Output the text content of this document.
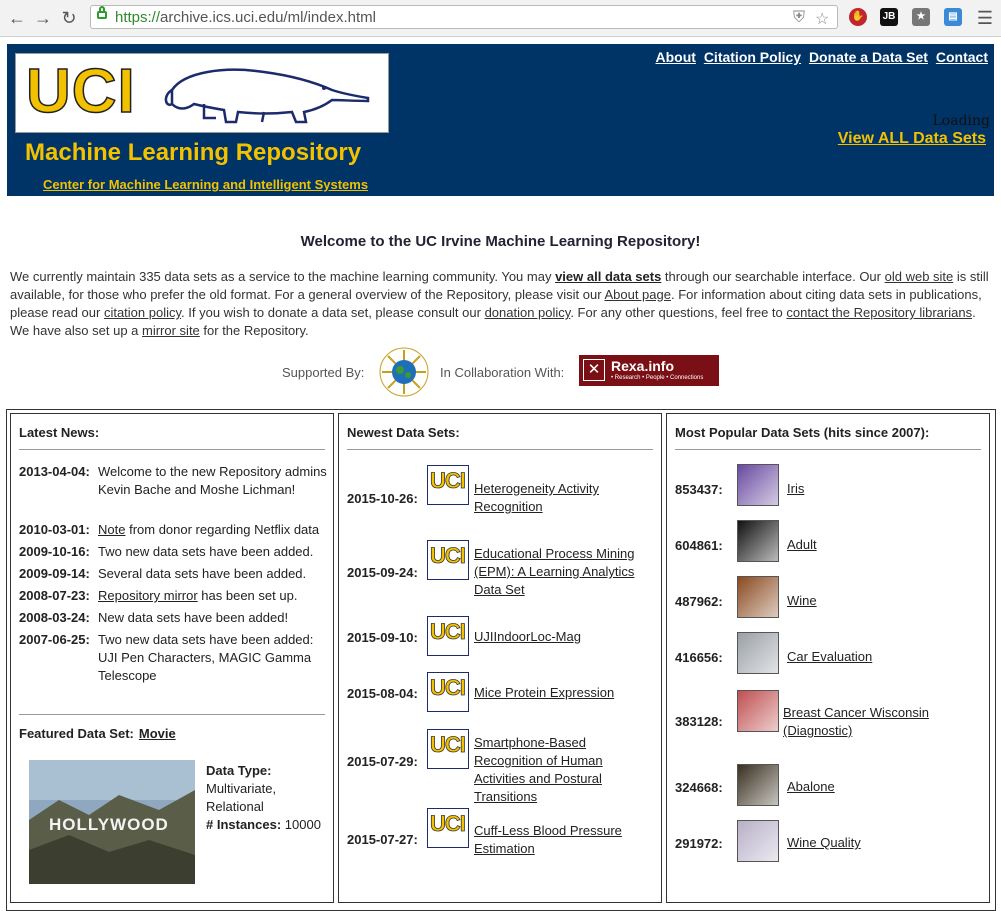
← → ↻	https://archive.ics.uci.edu/ml/index.html	⛨ ☆ ✋ JB	★	▤ ☰
UCI
Machine Learning Repository
Center for Machine Learning and Intelligent Systems
About Citation Policy Donate a Data Set Contact
Loading
View ALL Data Sets
Welcome to the UC Irvine Machine Learning Repository!
We currently maintain 335 data sets as a service to the machine learning community. You may view all data sets through our searchable interface. Our old web site is still available, for those who prefer the old format. For a general overview of the Repository, please visit our About page. For information about citing data sets in publications, please read our citation policy. If you wish to donate a data set, please consult our donation policy. For any other questions, feel free to contact the Repository librarians. We have also set up a mirror site for the Repository.
Supported By:	In Collaboration With:	✕ Rexa.info
• Research • People • Connections
Latest News:
2013-04-04: Welcome to the new Repository admins Kevin Bache and Moshe Lichman!
2010-03-01: Note from donor regarding Netflix data
2009-10-16: Two new data sets have been added.
2009-09-14: Several data sets have been added.
2008-07-23: Repository mirror has been set up.
2008-03-24: New data sets have been added!
2007-06-25: Two new data sets have been added: UJI Pen Characters, MAGIC Gamma Telescope
Featured Data Set: Movie
HOLLYWOOD
Data Type:
Multivariate, Relational
# Instances: 10000
Newest Data Sets:
2015-10-26:
UCI Heterogeneity Activity Recognition
2015-09-24:
UCI Educational Process Mining (EPM): A Learning Analytics Data Set
2015-09-10: UCI UJIIndoorLoc-Mag
2015-08-04: UCI Mice Protein Expression
2015-07-29:
UCI Smartphone-Based Recognition of Human Activities and Postural Transitions
2015-07-27:
UCI Cuff-Less Blood Pressure Estimation
Most Popular Data Sets (hits since 2007):
853437:	Iris
604861:	Adult
487962:	Wine
416656:	Car Evaluation
383128:
Breast Cancer Wisconsin (Diagnostic)
324668:	Abalone
291972:	Wine Quality
